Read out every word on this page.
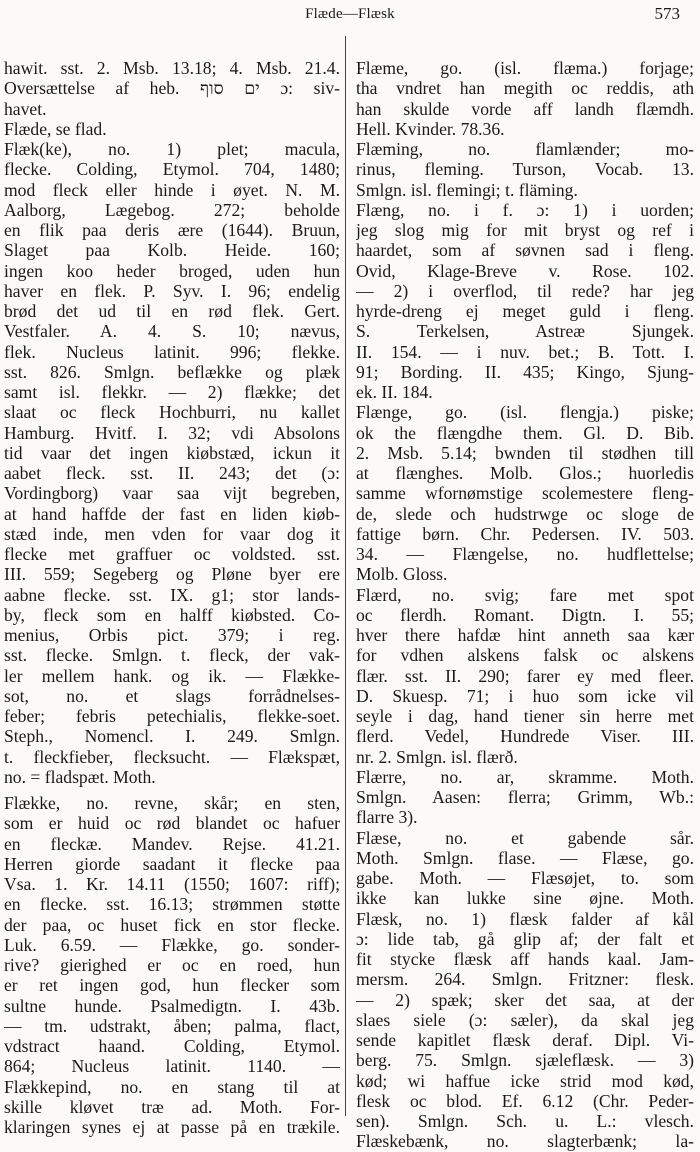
Flæde—Flæsk	573
hawit. sst. 2. Msb. 13.18; 4. Msb. 21.4.
Oversættelse af heb. ים סוף ɔ: siv-
havet.
Flæde, se flad.
Flæk(ke), no. 1) plet; macula,
flecke. Colding, Etymol. 704, 1480;
mod fleck eller hinde i øyet. N. M.
Aalborg, Lægebog. 272; beholde
en flik paa deris ære (1644). Bruun,
Slaget paa Kolb. Heide. 160;
ingen koo heder broged, uden hun
haver en flek. P. Syv. I. 96; endelig
brød det ud til en rød flek. Gert.
Vestfaler. A. 4. S. 10; nævus,
flek. Nucleus latinit. 996; flekke.
sst. 826. Smlgn. beflække og plæk
samt isl. flekkr. — 2) flække; det
slaat oc fleck Hochburri, nu kallet
Hamburg. Hvitf. I. 32; vdi Absolons
tid vaar det ingen kiøbstæd, ickun it
aabet fleck. sst. II. 243; det (ɔ:
Vordingborg) vaar saa vijt begreben,
at hand haffde der fast en liden kiøb-
stæd inde, men vden for vaar dog it
flecke met graffuer oc voldsted. sst.
III. 559; Segeberg og Pløne byer ere
aabne flecke. sst. IX. g1; stor lands-
by, fleck som en halff kiøbsted. Co-
menius, Orbis pict. 379; i reg.
sst. flecke. Smlgn. t. fleck, der vak-
ler mellem hank. og ik. — Flække-
sot, no. et slags forrådnelses-
feber; febris petechialis, flekke-soet.
Steph., Nomencl. I. 249. Smlgn.
t. fleckfieber, flecksucht. — Flækspæt,
no. = fladspæt. Moth.
Flække, no. revne, skår; en sten,
som er huid oc rød blandet oc hafuer
en fleckæ. Mandev. Rejse. 41.21.
Herren giorde saadant it flecke paa
Vsa. 1. Kr. 14.11 (1550; 1607: riff);
en flecke. sst. 16.13; strømmen støtte
der paa, oc huset fick en stor flecke.
Luk. 6.59. — Flække, go. sonder-
rive? gierighed er oc en roed, hun
er ret ingen god, hun flecker som
sultne hunde. Psalmedigtn. I. 43b.
— tm. udstrakt, åben; palma, flact,
vdstract haand. Colding, Etymol.
864; Nucleus latinit. 1140. —
Flækkepind, no. en stang til at
skille kløvet træ ad. Moth. For-
klaringen synes ej at passe på en trækile.
Flæme, go. (isl. flæma.) forjage;
tha vndret han megith oc reddis, ath
han skulde vorde aff landh flæmdh.
Hell. Kvinder. 78.36.
Flæming, no. flamlænder; mo-
rinus, fleming. Turson, Vocab. 13.
Smlgn. isl. flemingi; t. fläming.
Flæng, no. i f. ɔ: 1) i uorden;
jeg slog mig for mit bryst og ref i
haardet, som af søvnen sad i fleng.
Ovid, Klage-Breve v. Rose. 102.
— 2) i overflod, til rede? har jeg
hyrde-dreng ej meget guld i fleng.
S. Terkelsen, Astreæ Sjungek.
II. 154. — i nuv. bet.; B. Tott. I.
91; Bording. II. 435; Kingo, Sjung-
ek. II. 184.
Flænge, go. (isl. flengja.) piske;
ok the flængdhe them. Gl. D. Bib.
2. Msb. 5.14; bwnden til stødhen till
at flænghes. Molb. Glos.; huorledis
samme wfornømstige scolemestere fleng-
de, slede och hudstrwge oc sloge de
fattige børn. Chr. Pedersen. IV. 503.
34. — Flængelse, no. hudflettelse;
Molb. Gloss.
Flærd, no. svig; fare met spot
oc flerdh. Romant. Digtn. I. 55;
hver there hafdæ hint anneth saa kær
for vdhen alskens falsk oc alskens
flær. sst. II. 290; farer ey med fleer.
D. Skuesp. 71; i huo som icke vil
seyle i dag, hand tiener sin herre met
flerd. Vedel, Hundrede Viser. III.
nr. 2. Smlgn. isl. flærð.
Flærre, no. ar, skramme. Moth.
Smlgn. Aasen: flerra; Grimm, Wb.:
flarre 3).
Flæse, no. et gabende sår.
Moth. Smlgn. flase. — Flæse, go.
gabe. Moth. — Flæsøjet, to. som
ikke kan lukke sine øjne. Moth.
Flæsk, no. 1) flæsk falder af kål
ɔ: lide tab, gå glip af; der falt et
fit stycke flæsk aff hands kaal. Jam-
mersm. 264. Smlgn. Fritzner: flesk.
— 2) spæk; sker det saa, at der
slaes siele (ɔ: sæler), da skal jeg
sende kapitlet flæsk deraf. Dipl. Vi-
berg. 75. Smlgn. sjæleflæsk. — 3)
kød; wi haffue icke strid mod kød,
flesk oc blod. Ef. 6.12 (Chr. Peder-
sen). Smlgn. Sch. u. L.: vlesch.
Flæskebænk, no. slagterbænk; la-
